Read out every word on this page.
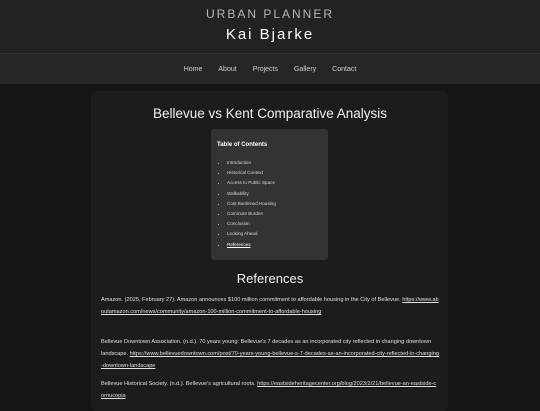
URBAN PLANNER
Kai Bjarke
Home	About	Projects	Gallery	Contact
Bellevue vs Kent Comparative Analysis
Table of Contents
• Introduction
• Historical Context
• Access to Public Space
• Walkability
• Cost Burdened Housing
• Commute Burden
• Conclusion
• Looking Ahead
• References
References
Amazon. (2025, February 27). Amazon announces $100 million commitment to affordable housing in the City of Bellevue. https://www.aboutamazon.com/news/community/amazon-100-million-commitment-to-affordable-housing
Bellevue Downtown Association. (n.d.). 70 years young: Bellevue's 7 decades as an incorporated city reflected in changing downtown landscape. https://www.bellevuedowntown.com/post/70-years-young-bellevue-s-7-decades-as-an-incorporated-city-reflected-in-changing-downtown-landscape
Bellevue Historical Society. (n.d.). Bellevue's agricultural roots. https://eastsideheritagecenter.org/blog/2023/2/21/bellevue-an-eastside-cornucopia
